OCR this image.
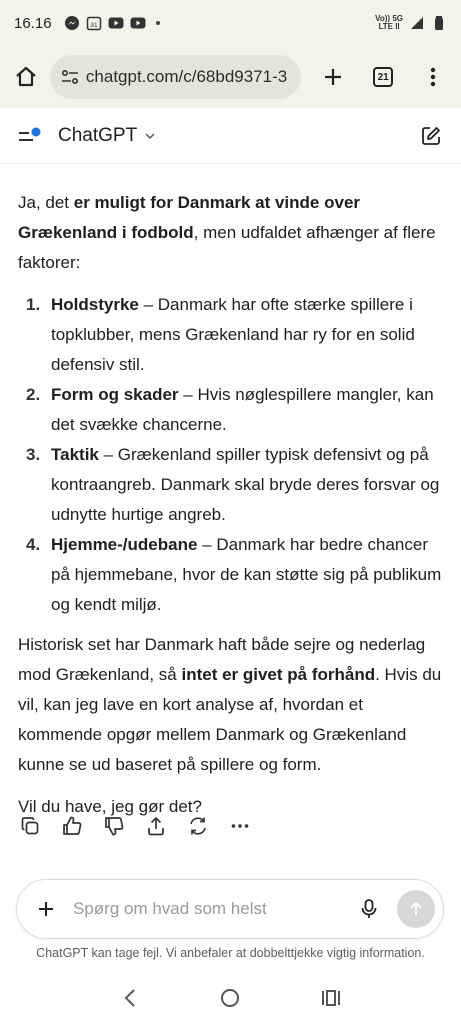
16.16	31
Vo)) 5G
LTE ll
chatgpt.com/c/68bd9371-3	21
ChatGPT

Ja, det er muligt for Danmark at vinde over Grækenland i fodbold, men udfaldet afhænger af flere faktorer:

1. Holdstyrke – Danmark har ofte stærke spillere i topklubber, mens Grækenland har ry for en solid defensiv stil.
2. Form og skader – Hvis nøglespillere mangler, kan det svække chancerne.
3. Taktik – Grækenland spiller typisk defensivt og på kontraangreb. Danmark skal bryde deres forsvar og udnytte hurtige angreb.
4. Hjemme-/udebane – Danmark har bedre chancer på hjemmebane, hvor de kan støtte sig på publikum og kendt miljø.

Historisk set har Danmark haft både sejre og nederlag mod Grækenland, så intet er givet på forhånd. Hvis du vil, kan jeg lave en kort analyse af, hvordan et kommende opgør mellem Danmark og Grækenland kunne se ud baseret på spillere og form.

Vil du have, jeg gør det?

Spørg om hvad som helst
ChatGPT kan tage fejl. Vi anbefaler at dobbelttjekke vigtig information.
